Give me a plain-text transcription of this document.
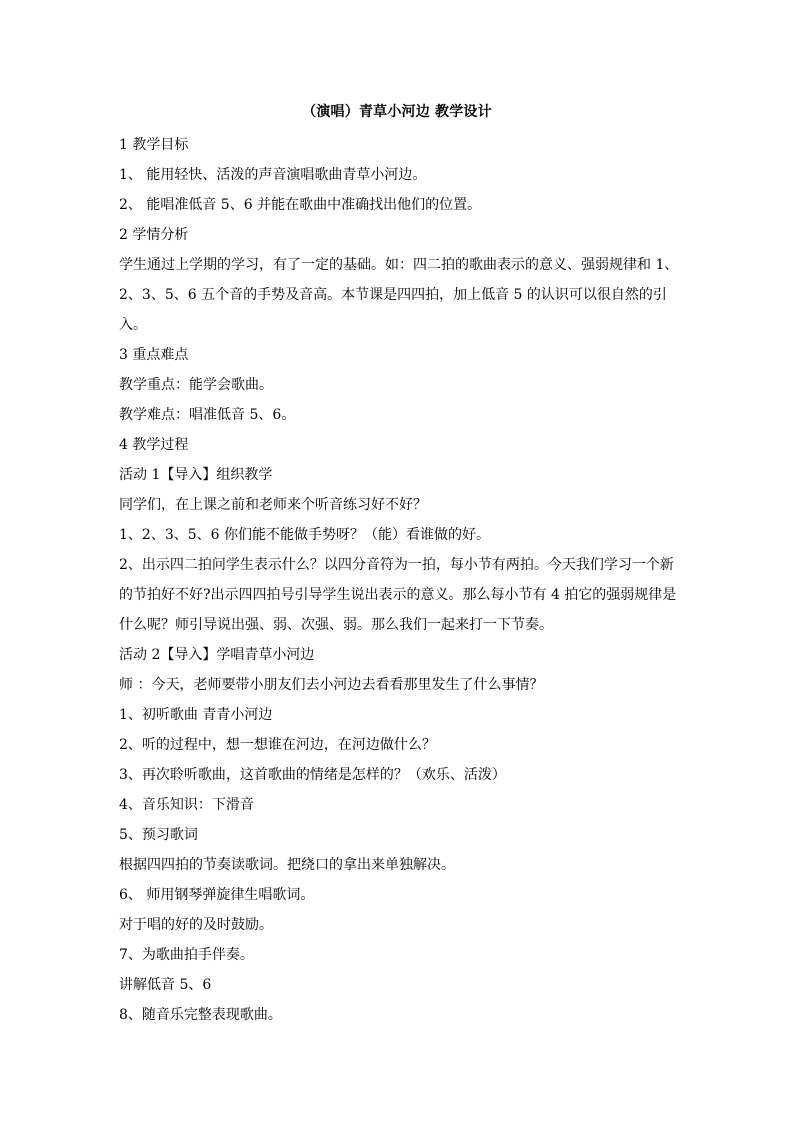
（演唱）青草小河边 教学设计

1 教学目标

1、 能用轻快、活泼的声音演唱歌曲青草小河边。

2、 能唱准低音 5、6 并能在歌曲中准确找出他们的位置。

2 学情分析

学生通过上学期的学习，有了一定的基础。如：四二拍的歌曲表示的意义、强弱规律和 1、2、3、5、6 五个音的手势及音高。本节课是四四拍，加上低音 5 的认识可以很自然的引入。

3 重点难点

教学重点：能学会歌曲。

教学难点：唱准低音 5、6。

4 教学过程

活动 1【导入】组织教学

同学们，在上课之前和老师来个听音练习好不好？

1、2、3、5、6 你们能不能做手势呀？（能）看谁做的好。

2、出示四二拍问学生表示什么？以四分音符为一拍，每小节有两拍。今天我们学习一个新的节拍好不好?出示四四拍号引导学生说出表示的意义。那么每小节有 4 拍它的强弱规律是什么呢？师引导说出强、弱、次强、弱。那么我们一起来打一下节奏。

活动 2【导入】学唱青草小河边

师 ：今天，老师要带小朋友们去小河边去看看那里发生了什么事情？

1、初听歌曲 青青小河边

2、听的过程中，想一想谁在河边，在河边做什么？

3、再次聆听歌曲，这首歌曲的情绪是怎样的？（欢乐、活泼）

4、音乐知识：下滑音

5、预习歌词

根据四四拍的节奏读歌词。把绕口的拿出来单独解决。

6、 师用钢琴弹旋律生唱歌词。

对于唱的好的及时鼓励。

7、为歌曲拍手伴奏。

讲解低音 5、6

8、随音乐完整表现歌曲。
